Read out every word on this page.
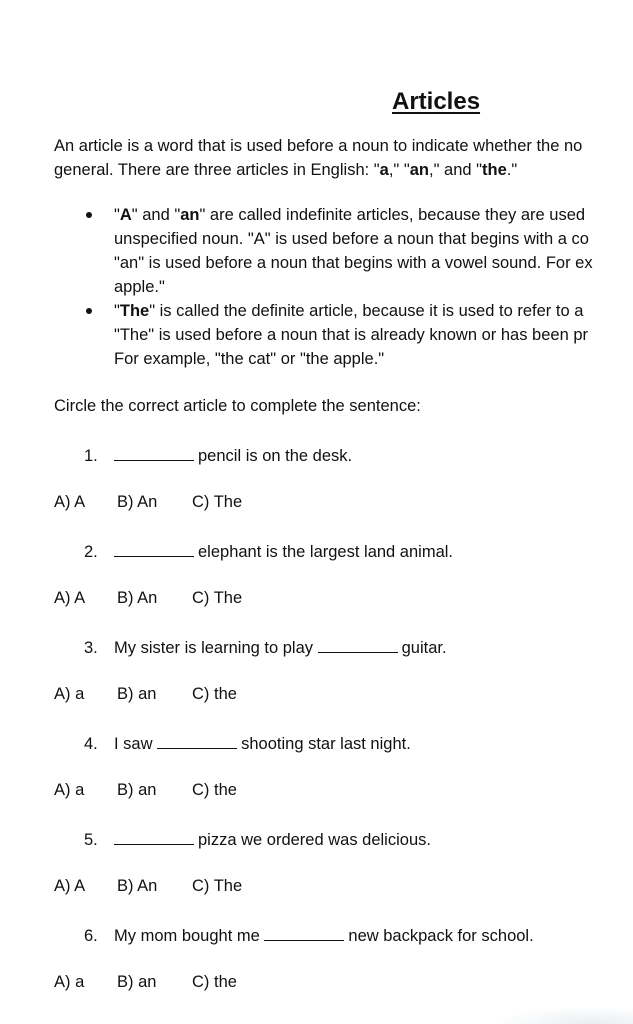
Articles

An article is a word that is used before a noun to indicate whether the no
general. There are three articles in English: "a," "an," and "the."

"A" and "an" are called indefinite articles, because they are used
unspecified noun. "A" is used before a noun that begins with a co
"an" is used before a noun that begins with a vowel sound. For ex
apple."
"The" is called the definite article, because it is used to refer to a
"The" is used before a noun that is already known or has been pr
For example, "the cat" or "the apple."

Circle the correct article to complete the sentence:

1.	pencil is on the desk.
A) A B) An C) The
2.	elephant is the largest land animal.
A) A B) An C) The
3. My sister is learning to play	guitar.
A) a B) an C) the
4. I saw	shooting star last night.
A) a B) an C) the
5.	pizza we ordered was delicious.
A) A B) An C) The
6. My mom bought me	new backpack for school.
A) a B) an C) the
